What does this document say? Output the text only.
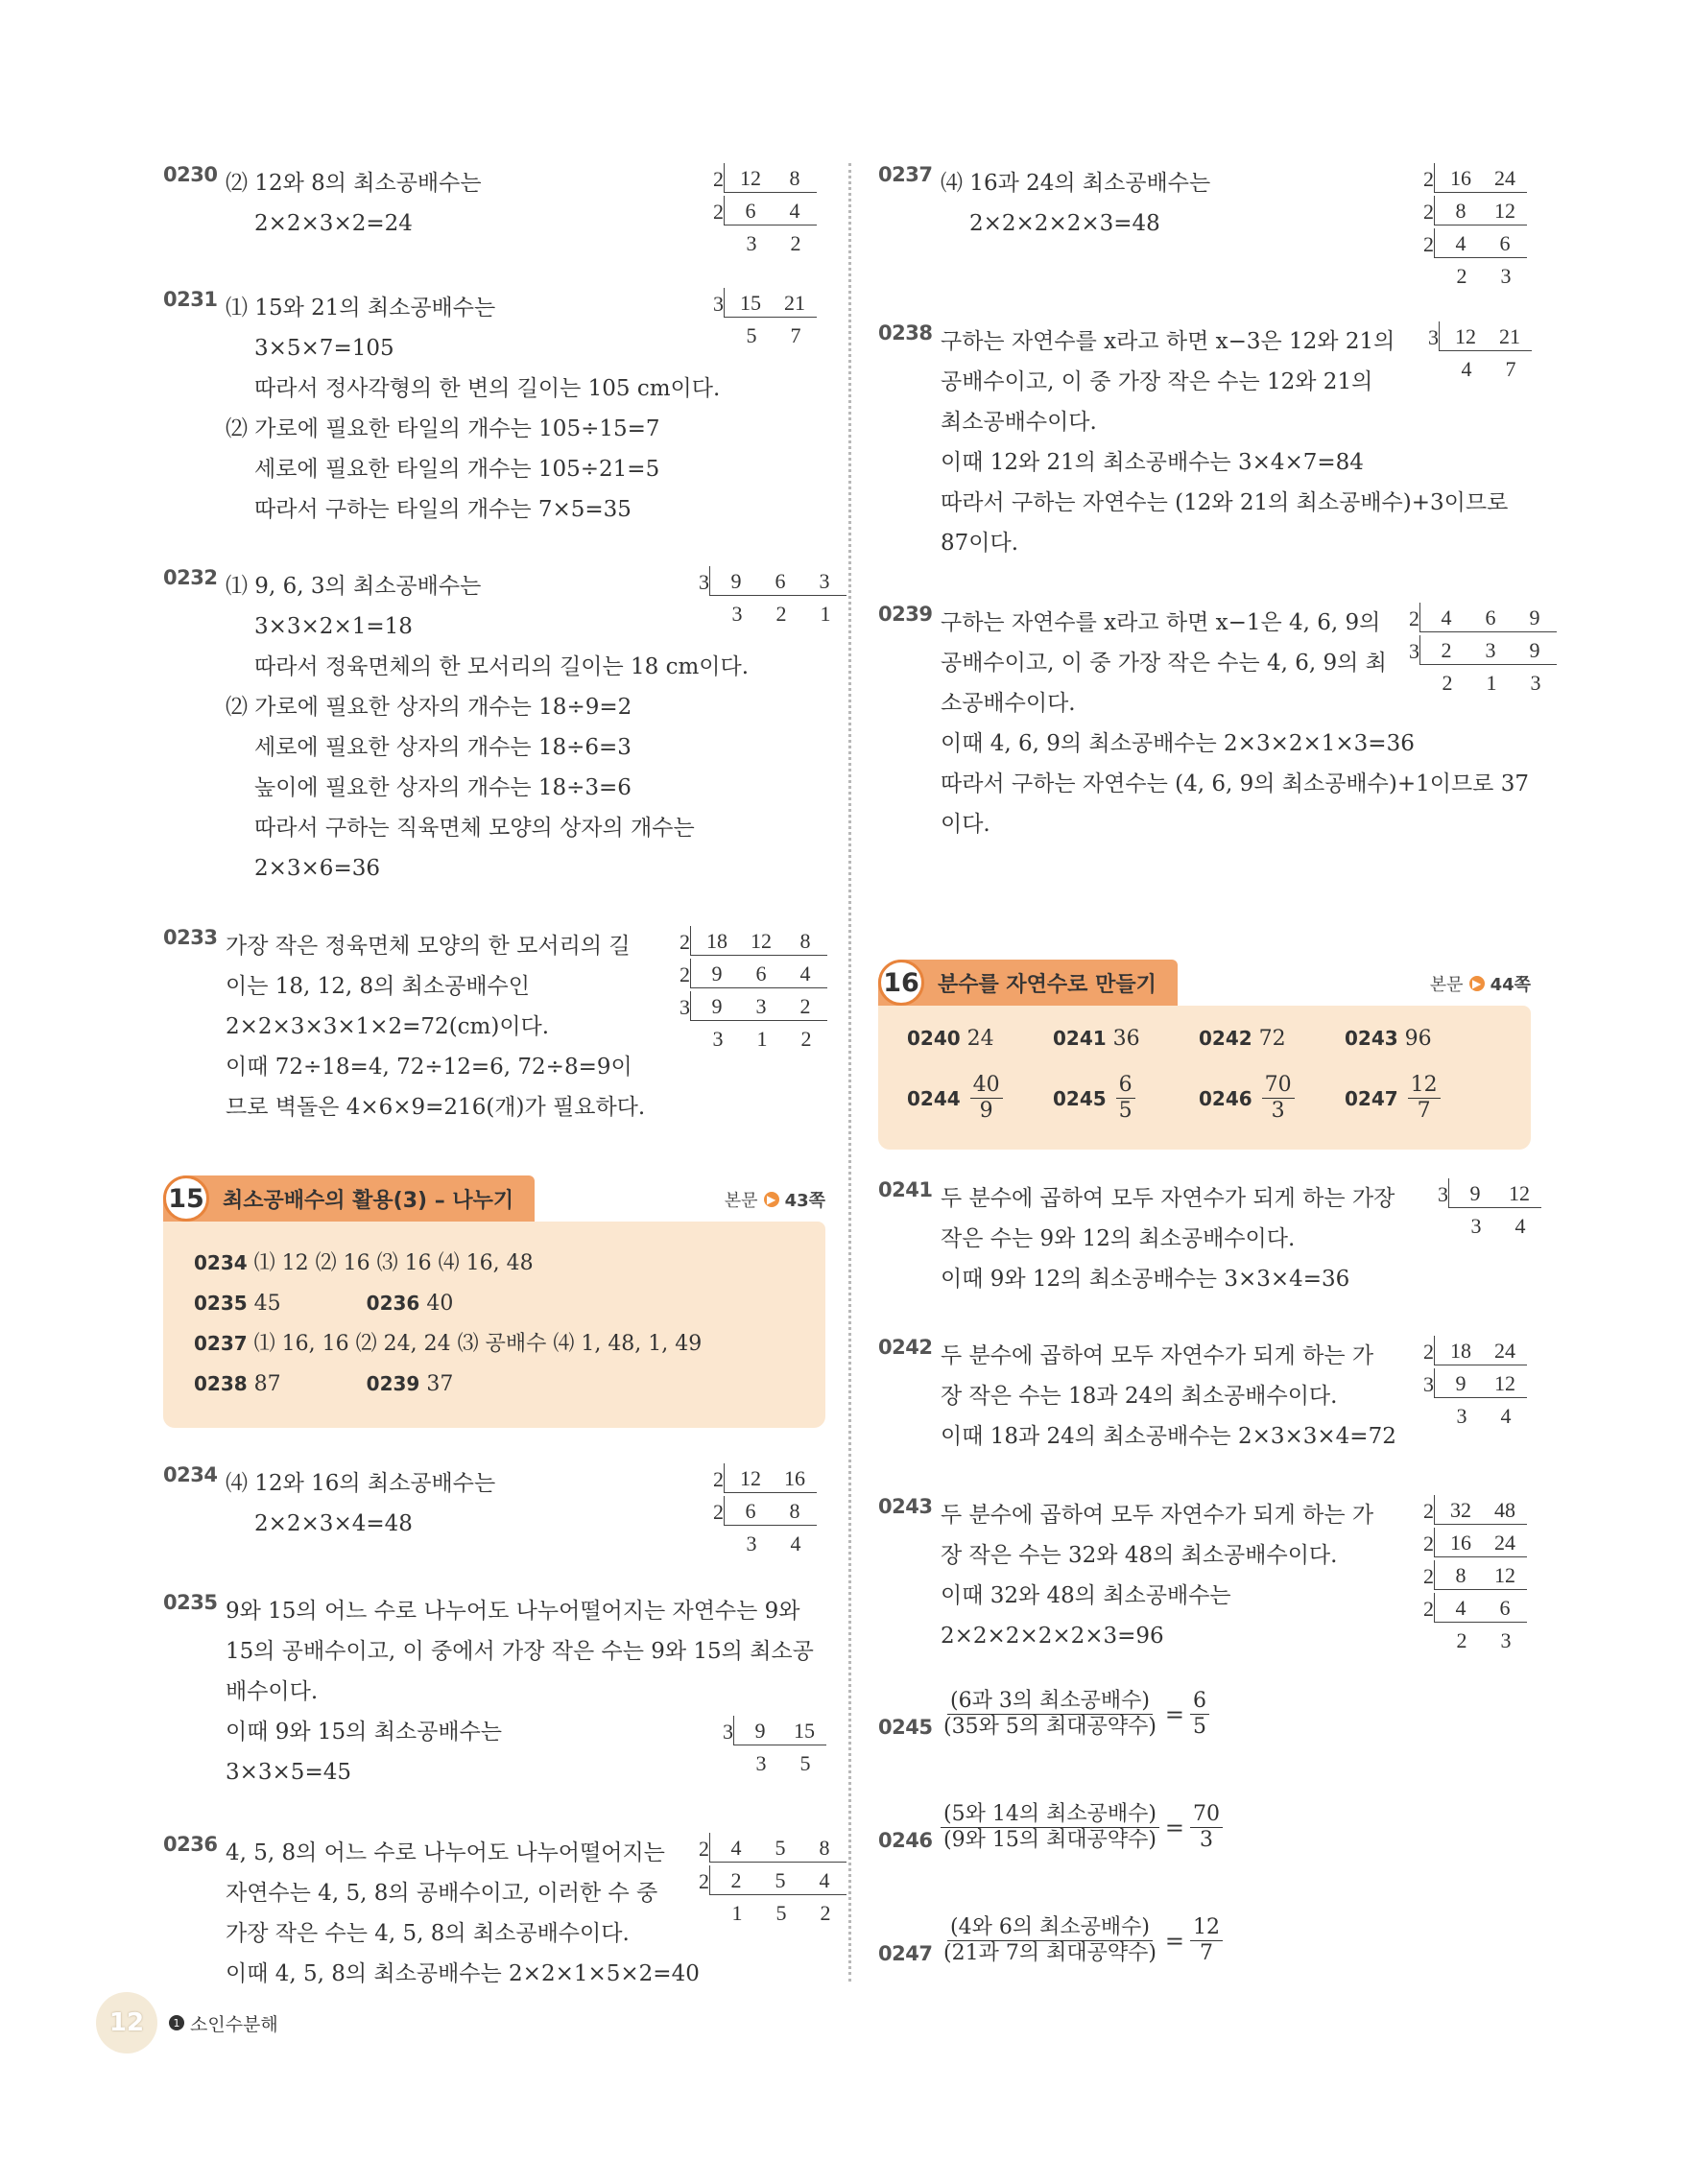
0230 ⑵ 12와 8의 최소공배수는
2×2×3×2=24
2 12	8
2	6	4
3	2
0231 ⑴ 15와 21의 최소공배수는
3×5×7=105
따라서 정사각형의 한 변의 길이는 105 cm이다.
⑵ 가로에 필요한 타일의 개수는 105÷15=7
세로에 필요한 타일의 개수는 105÷21=5
따라서 구하는 타일의 개수는 7×5=35
3 15	21
5	7
0232 ⑴ 9, 6, 3의 최소공배수는
3×3×2×1=18
따라서 정육면체의 한 모서리의 길이는 18 cm이다.
⑵ 가로에 필요한 상자의 개수는 18÷9=2
세로에 필요한 상자의 개수는 18÷6=3
높이에 필요한 상자의 개수는 18÷3=6
따라서 구하는 직육면체 모양의 상자의 개수는
2×3×6=36
3	9	6	3
3	2	1
0233 가장 작은 정육면체 모양의 한 모서리의 길
이는 18, 12, 8의 최소공배수인
2×2×3×3×1×2=72(cm)이다.
이때 72÷18=4, 72÷12=6, 72÷8=9이
므로 벽돌은 4×6×9=216(개)가 필요하다.
2 18	12	8
2	9	6	4
3	9	3	2
3	1	2
15 최소공배수의 활용(3) – 나누기	본문 ▶ 43쪽
0234 ⑴ 12 ⑵ 16 ⑶ 16 ⑷ 16, 48
0235 45	0236 40
0237 ⑴ 16, 16 ⑵ 24, 24 ⑶ 공배수 ⑷ 1, 48, 1, 49
0238 87	0239 37
0234 ⑷ 12와 16의 최소공배수는
2×2×3×4=48
2 12	16
2	6	8
3	4
0235 9와 15의 어느 수로 나누어도 나누어떨어지는 자연수는 9와
15의 공배수이고, 이 중에서 가장 작은 수는 9와 15의 최소공
배수이다.
이때 9와 15의 최소공배수는
3×3×5=45
3	9	15
3	5
0236 4, 5, 8의 어느 수로 나누어도 나누어떨어지는
자연수는 4, 5, 8의 공배수이고, 이러한 수 중
가장 작은 수는 4, 5, 8의 최소공배수이다.
이때 4, 5, 8의 최소공배수는 2×2×1×5×2=40
2	4	5	8
2	2	5	4
1	5	2
0237 ⑷ 16과 24의 최소공배수는
2×2×2×2×3=48
2 16	24
2	8	12
2	4	6
2	3
0238 구하는 자연수를 x라고 하면 x−3은 12와 21의
공배수이고, 이 중 가장 작은 수는 12와 21의
최소공배수이다.
이때 12와 21의 최소공배수는 3×4×7=84
따라서 구하는 자연수는 (12와 21의 최소공배수)+3이므로
87이다.
3 12	21
4	7
0239 구하는 자연수를 x라고 하면 x−1은 4, 6, 9의
공배수이고, 이 중 가장 작은 수는 4, 6, 9의 최
소공배수이다.
이때 4, 6, 9의 최소공배수는 2×3×2×1×3=36
따라서 구하는 자연수는 (4, 6, 9의 최소공배수)+1이므로 37
이다.
2	4	6	9
3	2	3	9
2	1	3
16 분수를 자연수로 만들기	본문 ▶ 44쪽
0240 24	0241 36	0242 72	0243 96
$0244 \frac{40}{9}$	$0245 \frac{6}{5}$	$0246 \frac{70}{3}$	$0247 \frac{12}{7}$
0241 두 분수에 곱하여 모두 자연수가 되게 하는 가장
작은 수는 9와 12의 최소공배수이다.
이때 9와 12의 최소공배수는 3×3×4=36
3	9	12
3	4
0242 두 분수에 곱하여 모두 자연수가 되게 하는 가
장 작은 수는 18과 24의 최소공배수이다.
이때 18과 24의 최소공배수는 2×3×3×4=72
2 18	24
3	9	12
3	4
0243 두 분수에 곱하여 모두 자연수가 되게 하는 가
장 작은 수는 32와 48의 최소공배수이다.
이때 32와 48의 최소공배수는
2×2×2×2×2×3=96
2 32	48
2 16	24
2	8	12
2	4	6
2	3
$0245 \frac{\text{(6과 3의 최소공배수)}}{\text{(35와 5의 최대공약수)}} = \frac{6}{5}$
$0246 \frac{\text{(5와 14의 최소공배수)}}{\text{(9와 15의 최대공약수)}} = \frac{70}{3}$
$0247 \frac{\text{(4와 6의 최소공배수)}}{\text{(21과 7의 최대공약수)}} = \frac{12}{7}$
12	1 소인수분해
